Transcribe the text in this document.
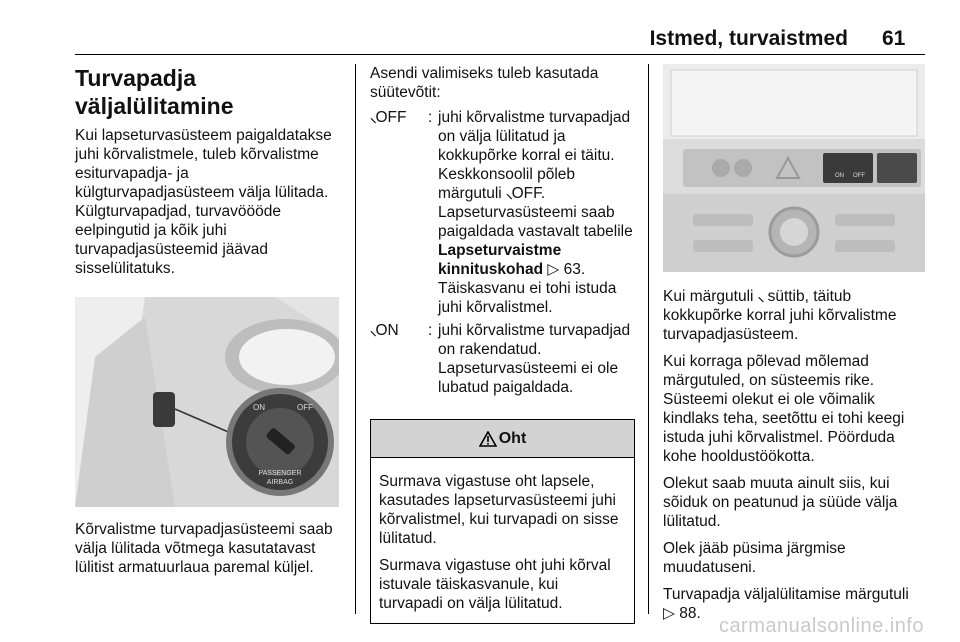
Istmed, turvaistmed 61
Turvapadja väljalülitamine

Kui lapseturvasüsteem paigaldatakse juhi kõrvalistmele, tuleb kõrvalistme esiturvapadja- ja külgturvapadjasüsteem välja lülitada. Külgturvapadjad, turvavöööde eelpingutid ja kõik juhi turvapadjasüsteemid jäävad sisselülitatuks.

ON	OFF
PASSENGER
AIRBAG

Kõrvalistme turvapadjasüsteemi saab välja lülitada võtmega kasutatavast lülitist armatuurlaua paremal küljel.

Asendi valimiseks tuleb kasutada süütevõtit:

⸜OFF	: juhi kõrvalistme turvapadjad on välja lülitatud ja kokkupõrke korral ei täitu. Keskkonsoolil põleb märgutuli ⸜OFF. Lapseturvasüsteemi saab paigaldada vastavalt tabelile Lapseturvaistme kinnituskohad ▷ 63. Täiskasvanu ei tohi istuda juhi kõrvalistmel.
⸜ON	: juhi kõrvalistme turvapadjad on rakendatud. Lapseturvasüsteemi ei ole lubatud paigaldada.
Oht

Surmava vigastuse oht lapsele, kasutades lapseturvasüsteemi juhi kõrvalistmel, kui turvapadi on sisse lülitatud.

Surmava vigastuse oht juhi kõrval istuvale täiskasvanule, kui turvapadi on välja lülitatud.

ON OFF

Kui märgutuli ⸜ süttib, täitub kokkupõrke korral juhi kõrvalistme turvapadjasüsteem.

Kui korraga põlevad mõlemad märgutuled, on süsteemis rike. Süsteemi olekut ei ole võimalik kindlaks teha, seetõttu ei tohi keegi istuda juhi kõrvalistmel. Pöörduda kohe hooldustöökotta.

Olekut saab muuta ainult siis, kui sõiduk on peatunud ja süüde välja lülitatud.

Olek jääb püsima järgmise muudatuseni.

Turvapadja väljalülitamise märgutuli ▷ 88.

carmanualsonline.info
